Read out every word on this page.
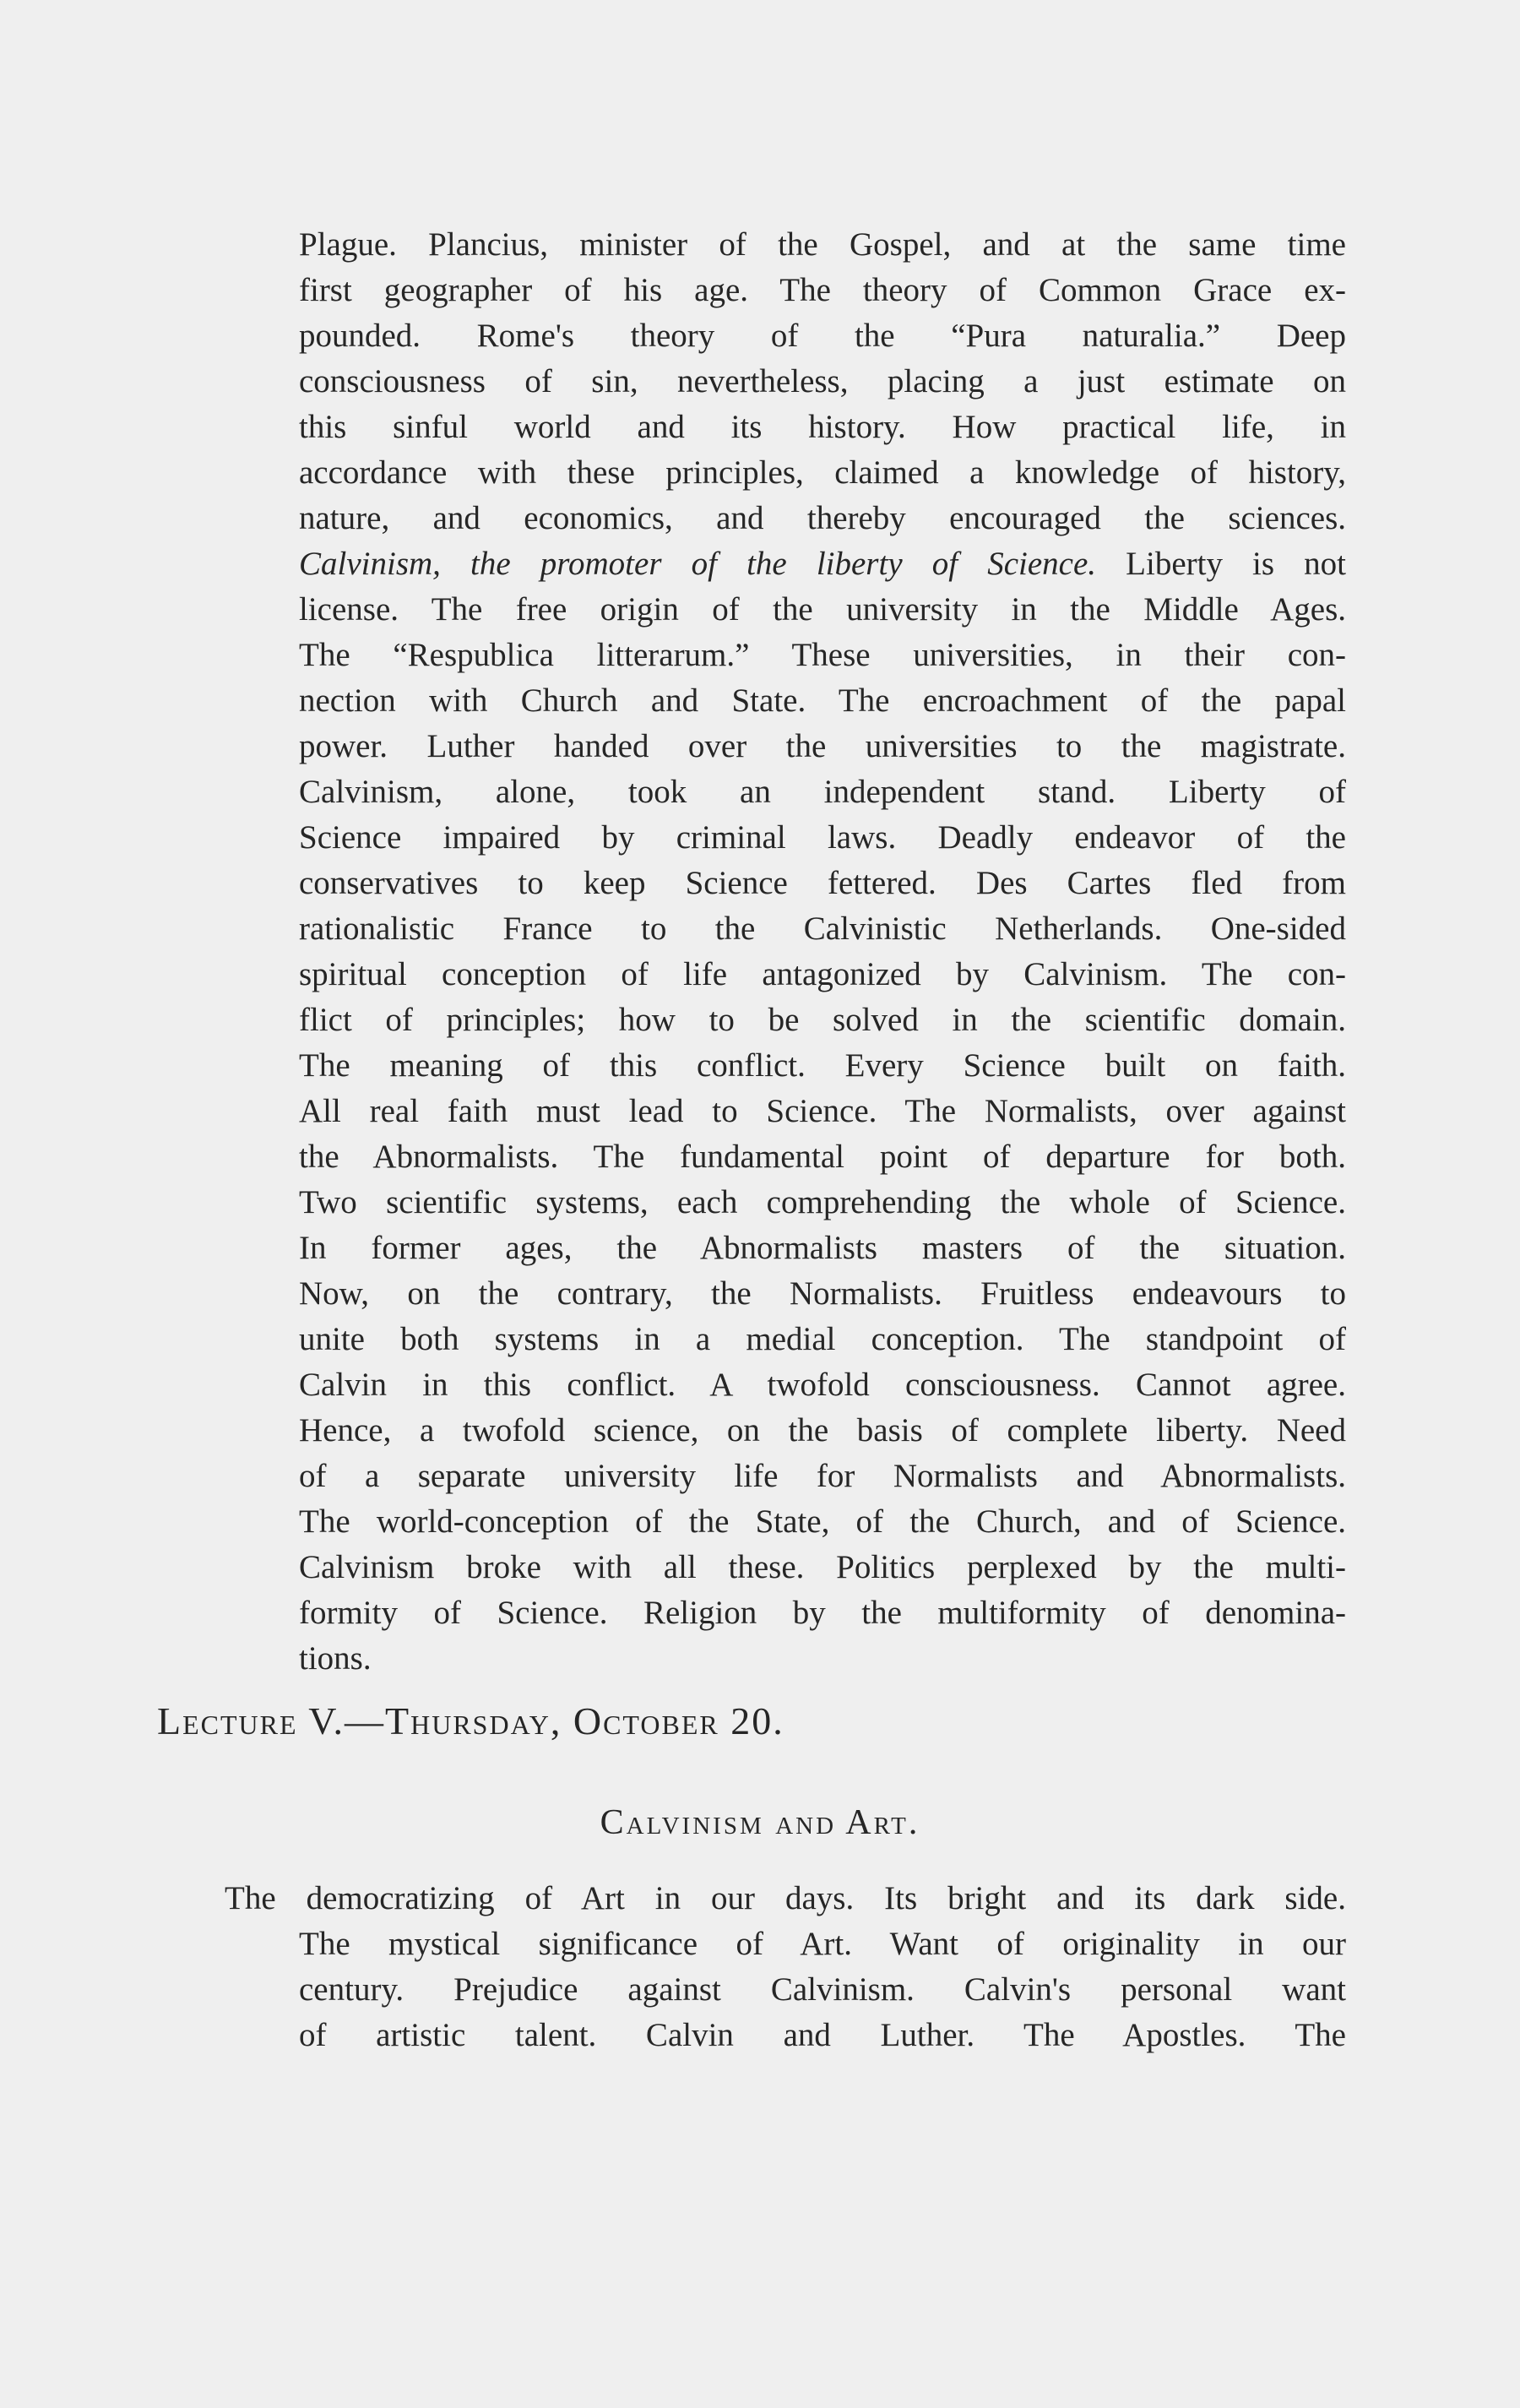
Plague. Plancius, minister of the Gospel, and at the same time
first geographer of his age. The theory of Common Grace ex-
pounded. Rome's theory of the “Pura naturalia.” Deep
consciousness of sin, nevertheless, placing a just estimate on
this sinful world and its history. How practical life, in
accordance with these principles, claimed a knowledge of history,
nature, and economics, and thereby encouraged the sciences.
Calvinism, the promoter of the liberty of Science. Liberty is not
license. The free origin of the university in the Middle Ages.
The “Respublica litterarum.” These universities, in their con-
nection with Church and State. The encroachment of the papal
power. Luther handed over the universities to the magistrate.
Calvinism, alone, took an independent stand. Liberty of
Science impaired by criminal laws. Deadly endeavor of the
conservatives to keep Science fettered. Des Cartes fled from
rationalistic France to the Calvinistic Netherlands. One-sided
spiritual conception of life antagonized by Calvinism. The con-
flict of principles; how to be solved in the scientific domain.
The meaning of this conflict. Every Science built on faith.
All real faith must lead to Science. The Normalists, over against
the Abnormalists. The fundamental point of departure for both.
Two scientific systems, each comprehending the whole of Science.
In former ages, the Abnormalists masters of the situation.
Now, on the contrary, the Normalists. Fruitless endeavours to
unite both systems in a medial conception. The standpoint of
Calvin in this conflict. A twofold consciousness. Cannot agree.
Hence, a twofold science, on the basis of complete liberty. Need
of a separate university life for Normalists and Abnormalists.
The world-conception of the State, of the Church, and of Science.
Calvinism broke with all these. Politics perplexed by the multi-
formity of Science. Religion by the multiformity of denomina-
tions.
Lecture V.—Thursday, October 20.
Calvinism and Art.
The democratizing of Art in our days. Its bright and its dark side.
The mystical significance of Art. Want of originality in our
century. Prejudice against Calvinism. Calvin's personal want
of artistic talent. Calvin and Luther. The Apostles. The
